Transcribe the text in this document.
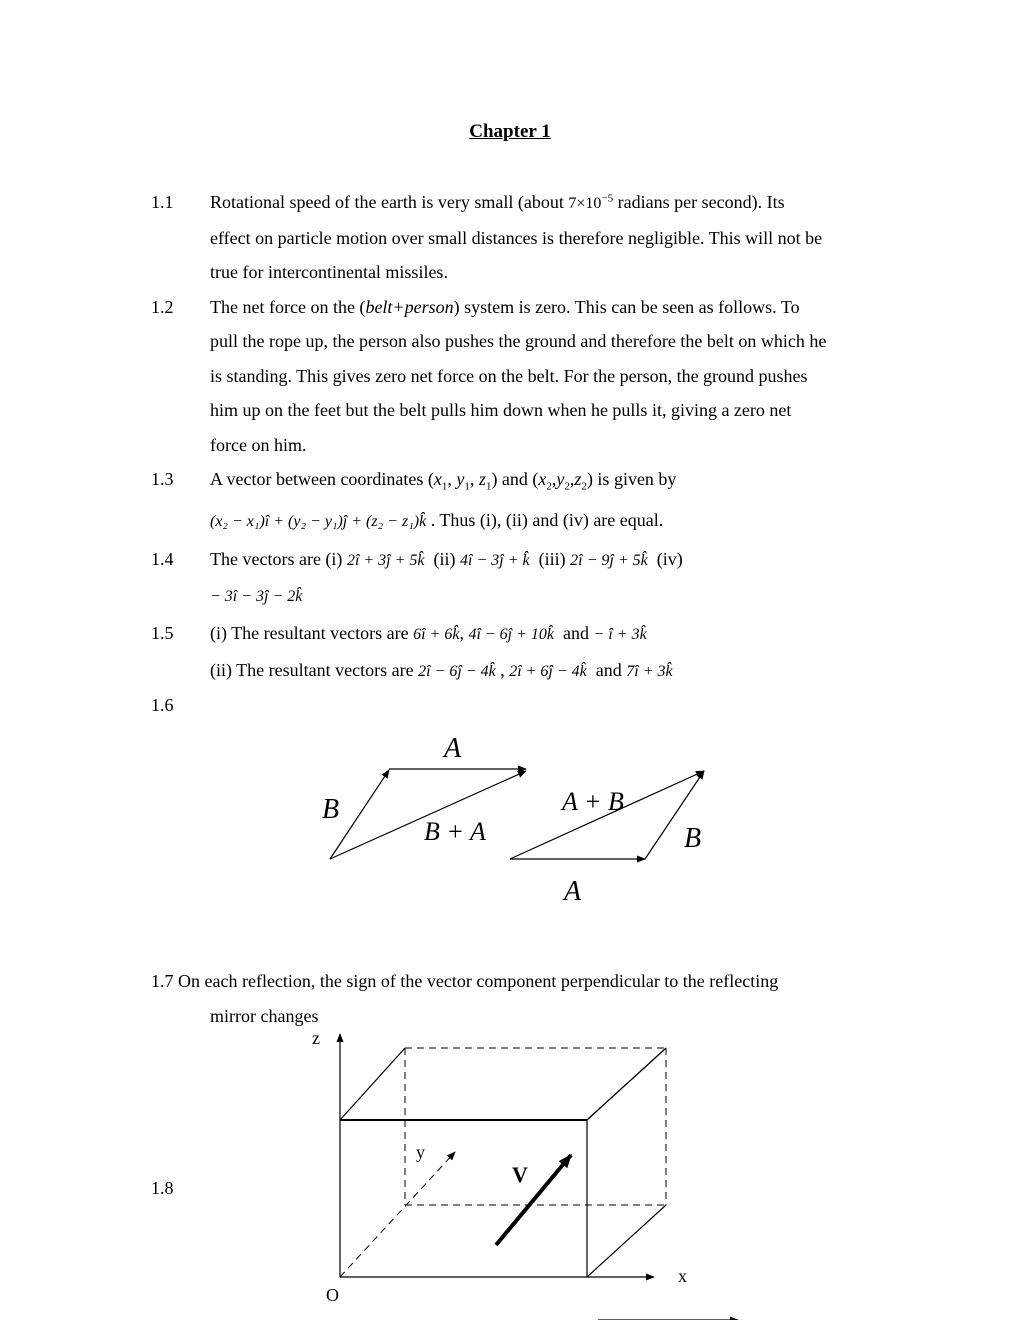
Chapter 1
1.1 Rotational speed of the earth is very small (about $7\times 10^{-5}$ radians per second). Its
effect on particle motion over small distances is therefore negligible. This will not be
true for intercontinental missiles.
1.2 The net force on the (belt+person) system is zero. This can be seen as follows. To
pull the rope up, the person also pushes the ground and therefore the belt on which he
is standing. This gives zero net force on the belt. For the person, the ground pushes
him up on the feet but the belt pulls him down when he pulls it, giving a zero net
force on him.
1.3 A vector between coordinates ($x_1$, $y_1$, $z_1$) and $(x_2,y_2,z_2)$ is given by
(x₂ − x₁)î + (y₂ − y₁)ĵ + (z₂ − z₁)k̂ . Thus (i), (ii) and (iv) are equal.
1.4 The vectors are (i) 2î + 3ĵ + 5k̂ (ii) 4î − 3ĵ + k̂ (iii) 2î − 9ĵ + 5k̂ (iv)
− 3î − 3ĵ − 2k̂
1.5 (i) The resultant vectors are 6î + 6k̂, 4î − 6ĵ + 10k̂ and − î + 3k̂
(ii) The resultant vectors are 2î − 6ĵ − 4k̂ , 2î + 6ĵ − 4k̂ and 7î + 3k̂
1.6
A
B
B + A
A + B
B
A
z
y
x
O
V
1.7 On each reflection, the sign of the vector component perpendicular to the reflecting
mirror changes
1.8
